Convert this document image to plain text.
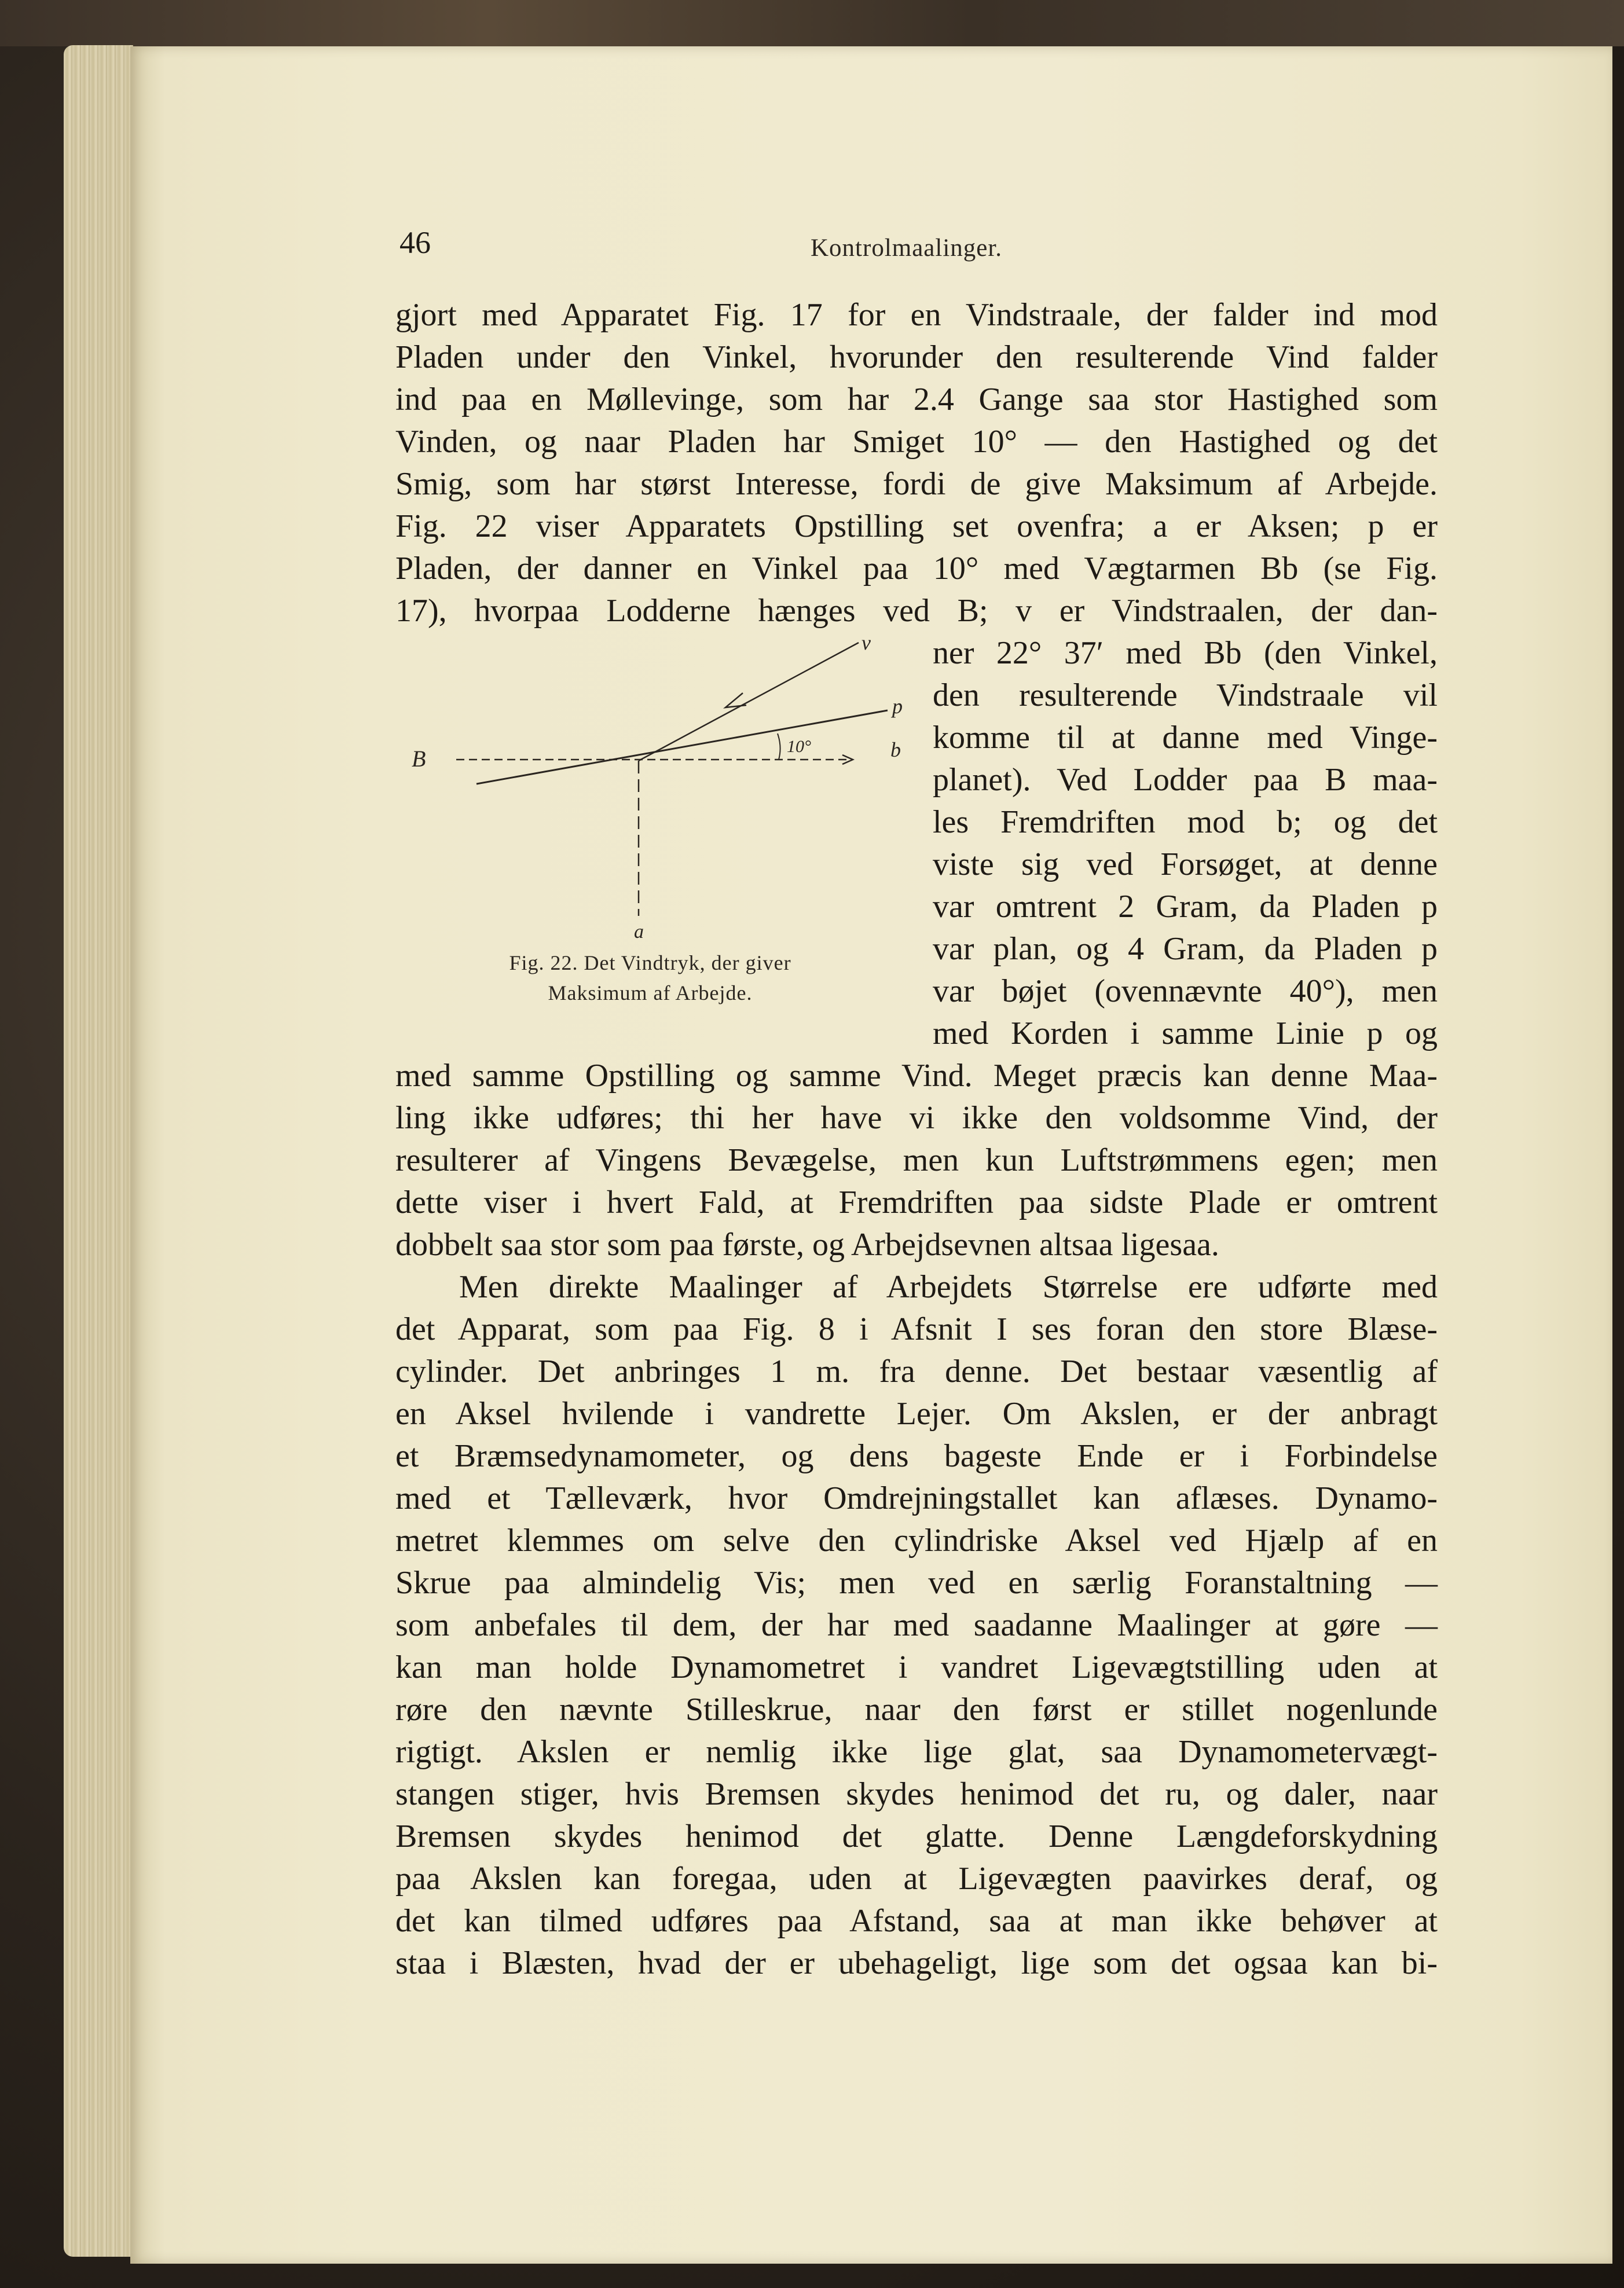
46	Kontrolmaalinger.
gjort med Apparatet Fig. 17 for en Vindstraale, der falder ind mod
Pladen under den Vinkel, hvorunder den resulterende Vind falder
ind paa en Møllevinge, som har 2.4 Gange saa stor Hastighed som
Vinden, og naar Pladen har Smiget 10° — den Hastighed og det
Smig, som har størst Interesse, fordi de give Maksimum af Arbejde.
Fig. 22 viser Apparatets Opstilling set ovenfra; a er Aksen; p er
Pladen, der danner en Vinkel paa 10° med Vægtarmen Bb (se Fig.
17), hvorpaa Lodderne hænges ved B; v er Vindstraalen, der dan-
10°
v
p
b
B
a
Fig. 22. Det Vindtryk, der giver
Maksimum af Arbejde.
ner 22° 37′ med Bb (den Vinkel,
den resulterende Vindstraale vil
komme til at danne med Vinge-
planet). Ved Lodder paa B maa-
les Fremdriften mod b; og det
viste sig ved Forsøget, at denne
var omtrent 2 Gram, da Pladen p
var plan, og 4 Gram, da Pladen p
var bøjet (ovennævnte 40°), men
med Korden i samme Linie p og
med samme Opstilling og samme Vind. Meget præcis kan denne Maa-
ling ikke udføres; thi her have vi ikke den voldsomme Vind, der
resulterer af Vingens Bevægelse, men kun Luftstrømmens egen; men
dette viser i hvert Fald, at Fremdriften paa sidste Plade er omtrent
dobbelt saa stor som paa første, og Arbejdsevnen altsaa ligesaa.
Men direkte Maalinger af Arbejdets Størrelse ere udførte med
det Apparat, som paa Fig. 8 i Afsnit I ses foran den store Blæse-
cylinder. Det anbringes 1 m. fra denne. Det bestaar væsentlig af
en Aksel hvilende i vandrette Lejer. Om Akslen, er der anbragt
et Bræmsedynamometer, og dens bageste Ende er i Forbindelse
med et Tælleværk, hvor Omdrejningstallet kan aflæses. Dynamo-
metret klemmes om selve den cylindriske Aksel ved Hjælp af en
Skrue paa almindelig Vis; men ved en særlig Foranstaltning —
som anbefales til dem, der har med saadanne Maalinger at gøre —
kan man holde Dynamometret i vandret Ligevægtstilling uden at
røre den nævnte Stilleskrue, naar den først er stillet nogenlunde
rigtigt. Akslen er nemlig ikke lige glat, saa Dynamometervægt-
stangen stiger, hvis Bremsen skydes henimod det ru, og daler, naar
Bremsen skydes henimod det glatte. Denne Længdeforskydning
paa Akslen kan foregaa, uden at Ligevægten paavirkes deraf, og
det kan tilmed udføres paa Afstand, saa at man ikke behøver at
staa i Blæsten, hvad der er ubehageligt, lige som det ogsaa kan bi-
